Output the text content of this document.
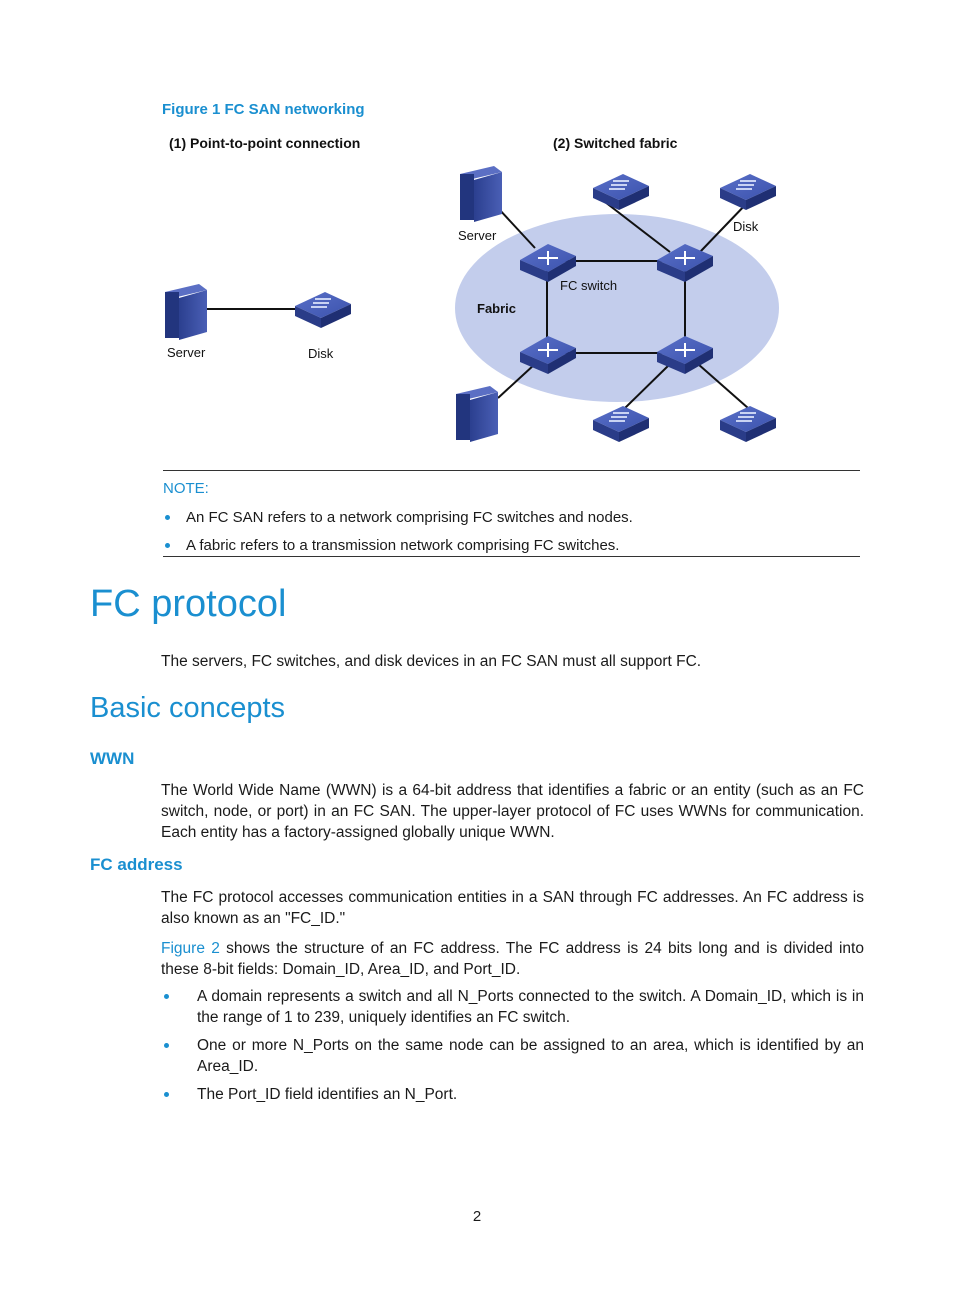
Figure 1 FC SAN networking
(1) Point-to-point connection	(2) Switched fabric
Fabric
Server	Disk
Server
Disk
FC switch
NOTE:
An FC SAN refers to a network comprising FC switches and nodes.
A fabric refers to a transmission network comprising FC switches.
FC protocol
The servers, FC switches, and disk devices in an FC SAN must all support FC.
Basic concepts
WWN
The World Wide Name (WWN) is a 64-bit address that identifies a fabric or an entity (such as an FC switch, node, or port) in an FC SAN. The upper-layer protocol of FC uses WWNs for communication. Each entity has a factory-assigned globally unique WWN.
FC address
The FC protocol accesses communication entities in a SAN through FC addresses. An FC address is also known as an "FC_ID."
Figure 2 shows the structure of an FC address. The FC address is 24 bits long and is divided into these 8-bit fields: Domain_ID, Area_ID, and Port_ID.
A domain represents a switch and all N_Ports connected to the switch. A Domain_ID, which is in the range of 1 to 239, uniquely identifies an FC switch.
One or more N_Ports on the same node can be assigned to an area, which is identified by an Area_ID.
The Port_ID field identifies an N_Port.
2
